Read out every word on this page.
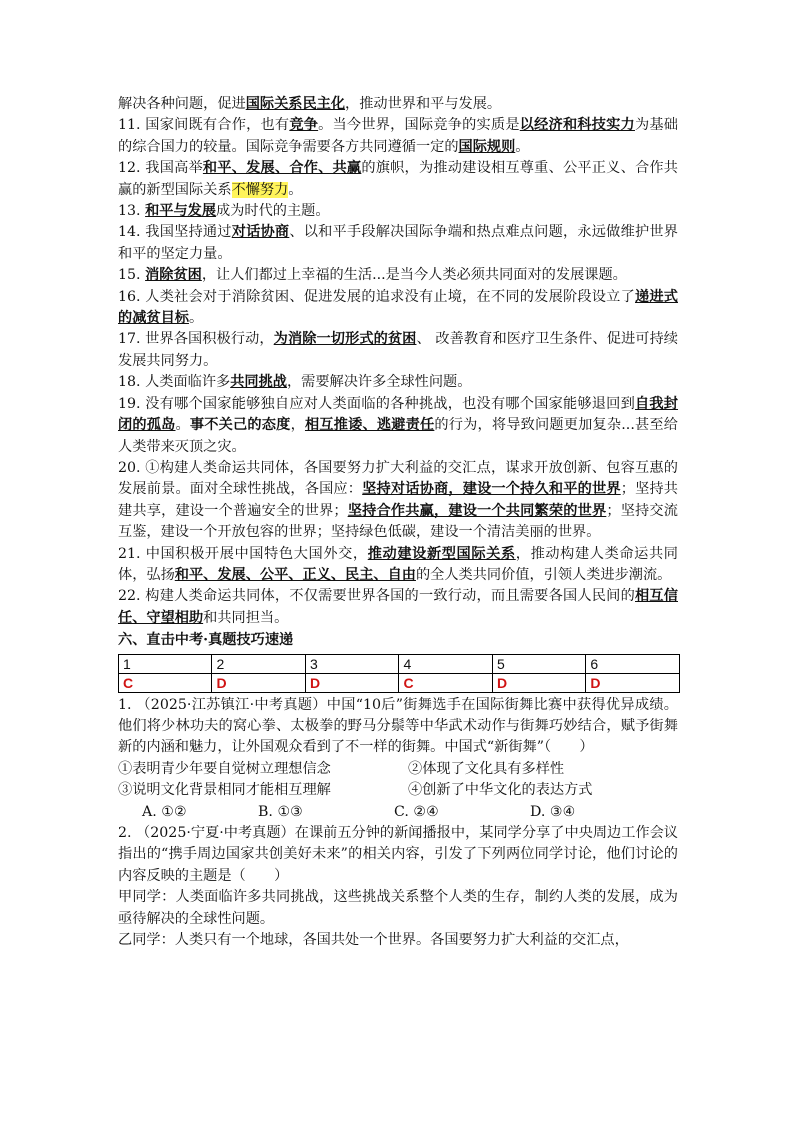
解决各种问题，促进国际关系民主化，推动世界和平与发展。

11. 国家间既有合作，也有竞争。当今世界，国际竞争的实质是以经济和科技实力为基础的综合国力的较量。国际竞争需要各方共同遵循一定的国际规则。

12. 我国高举和平、发展、合作、共赢的旗帜，为推动建设相互尊重、公平正义、合作共赢的新型国际关系不懈努力。

13. 和平与发展成为时代的主题。

14. 我国坚持通过对话协商、以和平手段解决国际争端和热点难点问题，永远做维护世界和平的坚定力量。

15. 消除贫困，让人们都过上幸福的生活...是当今人类必须共同面对的发展课题。

16. 人类社会对于消除贫困、促进发展的追求没有止境，在不同的发展阶段设立了递进式的减贫目标。

17. 世界各国积极行动，为消除一切形式的贫困、 改善教育和医疗卫生条件、促进可持续发展共同努力。

18. 人类面临许多共同挑战，需要解决许多全球性问题。

19. 没有哪个国家能够独自应对人类面临的各种挑战，也没有哪个国家能够退回到自我封闭的孤岛。事不关己的态度，相互推诿、逃避责任的行为，将导致问题更加复杂...甚至给人类带来灭顶之灾。

20. ①构建人类命运共同体，各国要努力扩大利益的交汇点，谋求开放创新、包容互惠的发展前景。面对全球性挑战，各国应：坚持对话协商，建设一个持久和平的世界；坚持共建共享，建设一个普遍安全的世界；坚持合作共赢，建设一个共同繁荣的世界；坚持交流互鉴，建设一个开放包容的世界；坚持绿色低碳，建设一个清洁美丽的世界。

21. 中国积极开展中国特色大国外交，推动建设新型国际关系，推动构建人类命运共同体，弘扬和平、发展、公平、正义、民主、自由的全人类共同价值，引领人类进步潮流。

22. 构建人类命运共同体，不仅需要世界各国的一致行动，而且需要各国人民间的相互信任、守望相助和共同担当。

六、直击中考·真题技巧速递

1	2	3	4	5	6
C	D	D	C	D	D

1. （2025·江苏镇江·中考真题）中国“10后”街舞选手在国际街舞比赛中获得优异成绩。他们将少林功夫的窝心拳、太极拳的野马分鬃等中华武术动作与街舞巧妙结合，赋予街舞新的内涵和魅力，让外国观众看到了不一样的街舞。中国式“新街舞”（　　）

①表明青少年要自觉树立理想信念	②体现了文化具有多样性
③说明文化背景相同才能相互理解	④创新了中华文化的表达方式
A. ①②	B. ①③	C. ②④	D. ③④

2. （2025·宁夏·中考真题）在课前五分钟的新闻播报中，某同学分享了中央周边工作会议指出的“携手周边国家共创美好未来”的相关内容，引发了下列两位同学讨论，他们讨论的内容反映的主题是（　　）

甲同学：人类面临许多共同挑战，这些挑战关系整个人类的生存，制约人类的发展，成为亟待解决的全球性问题。

乙同学：人类只有一个地球，各国共处一个世界。各国要努力扩大利益的交汇点，
